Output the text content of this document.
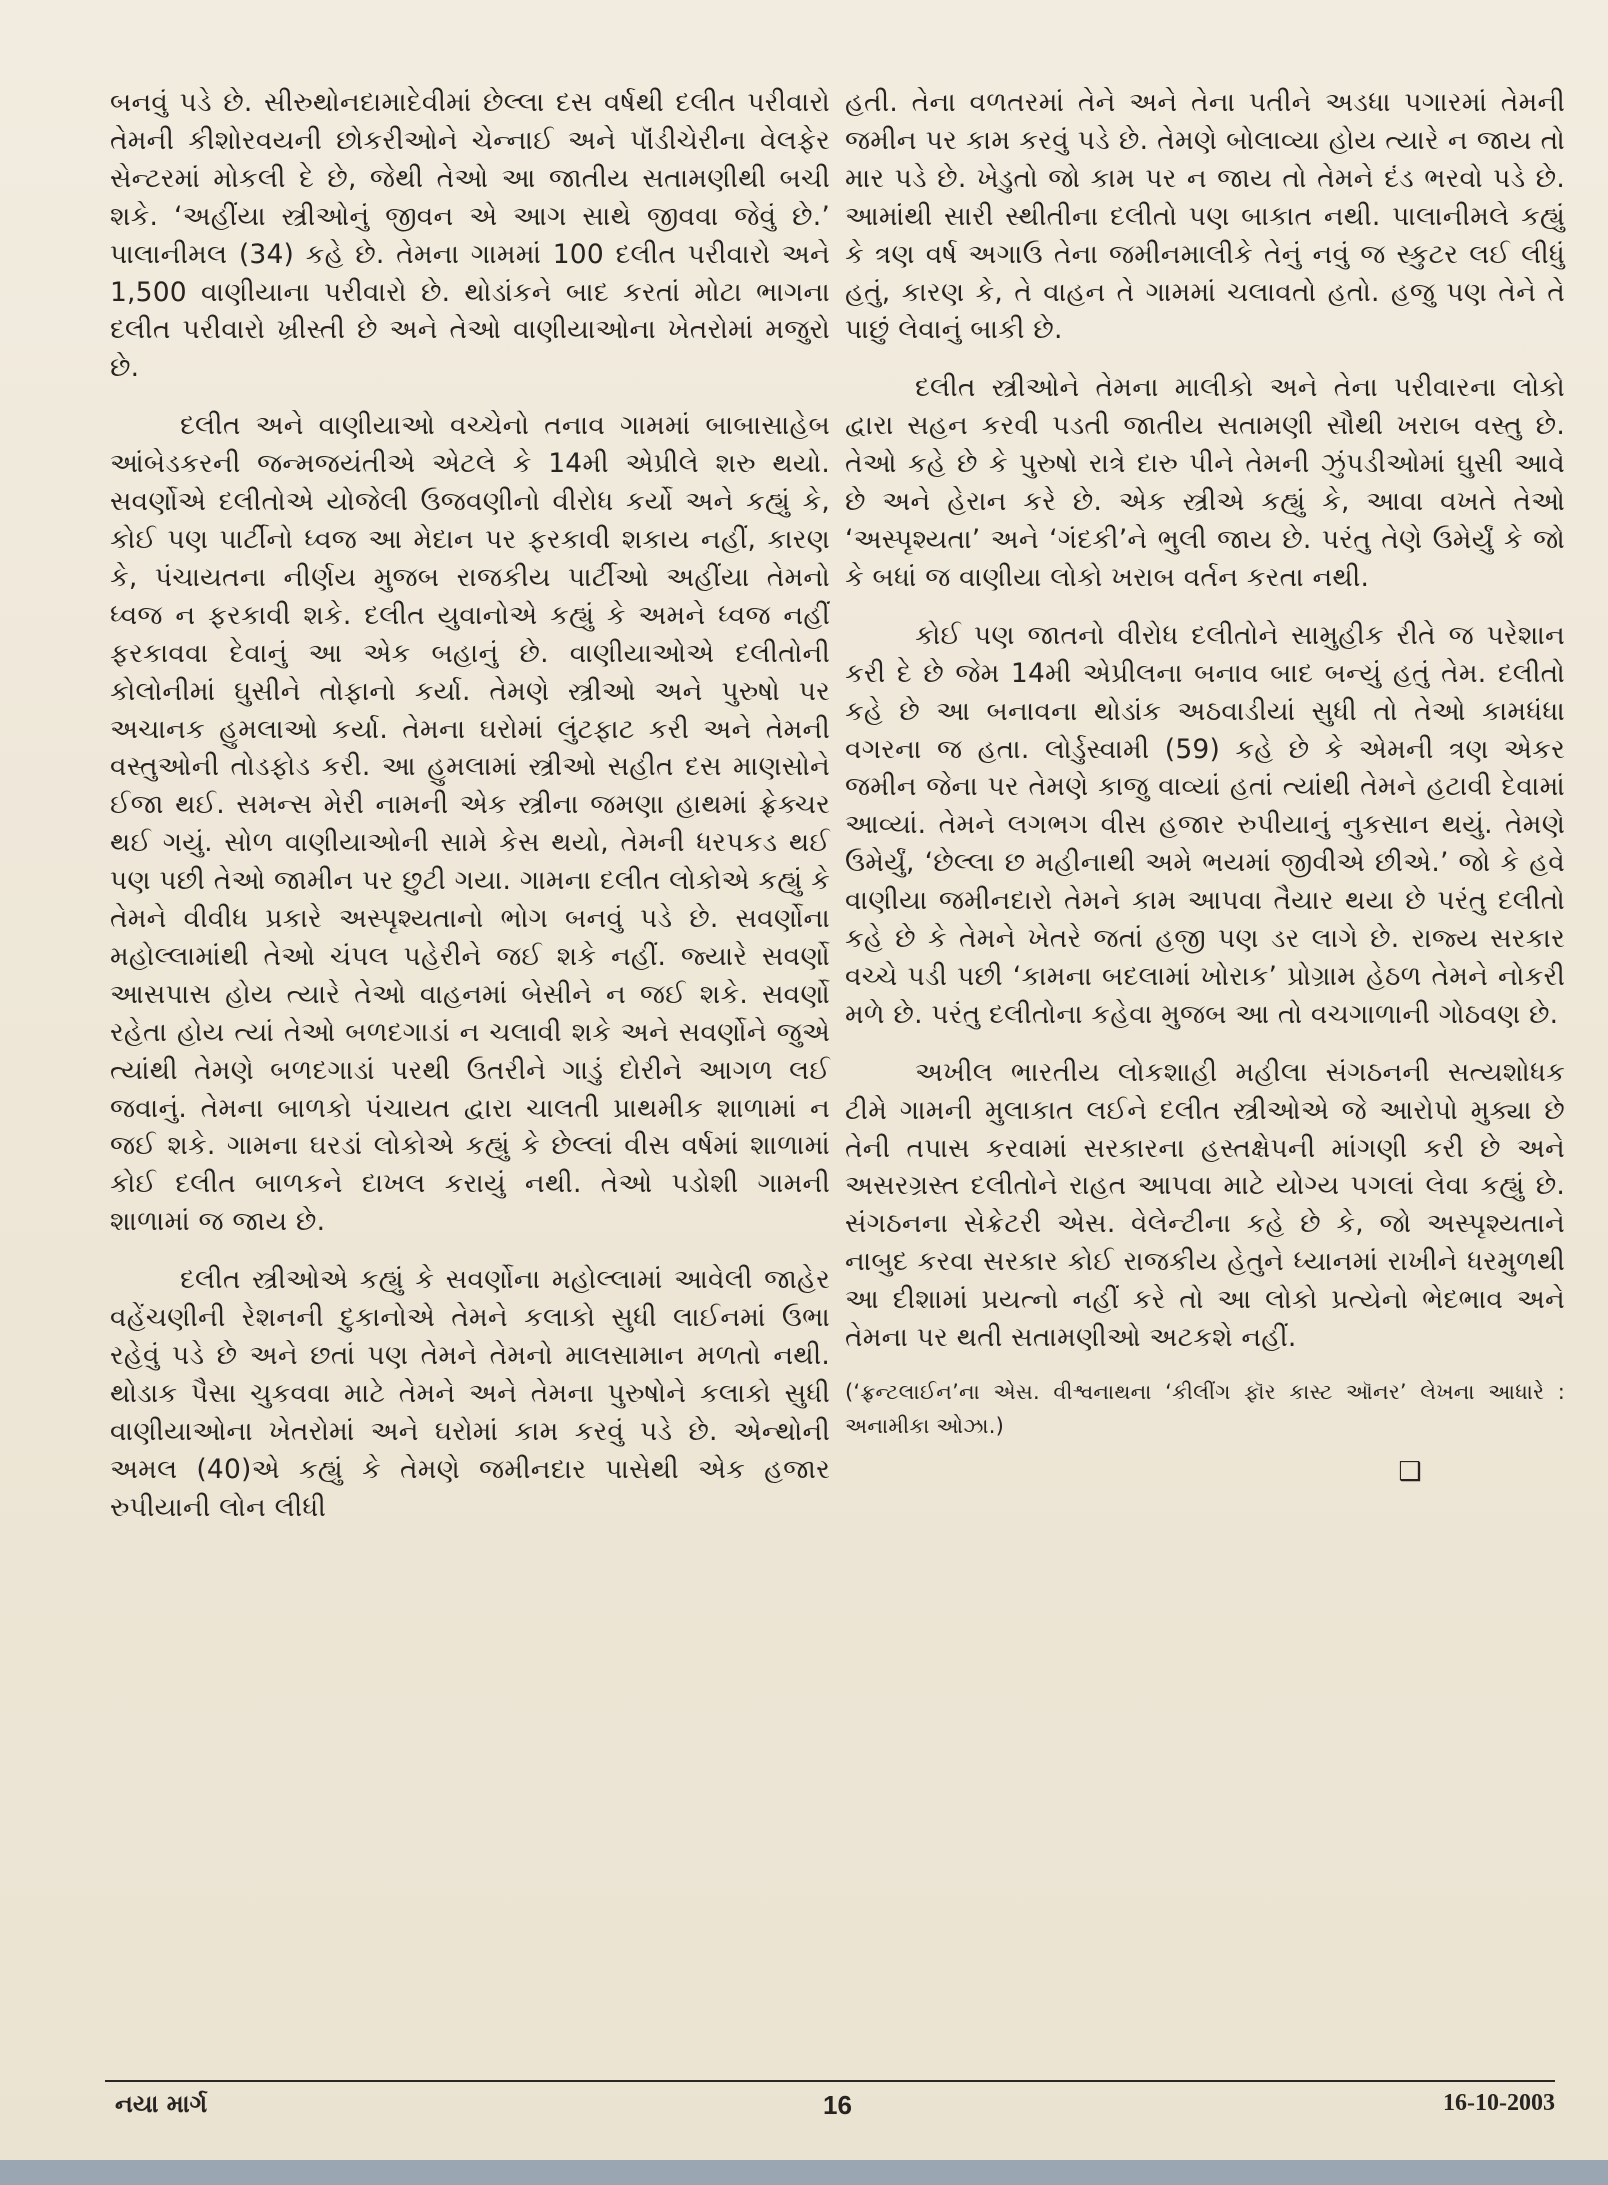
બનવું પડે છે. સીરુથોનદામાદેવીમાં છેલ્લા દસ વર્ષથી દલીત પરીવારો તેમની કીશોરવયની છોકરીઓને ચેન્નાઈ અને પૉંડીચેરીના વેલફેર સેન્ટરમાં મોકલી દે છે, જેથી તેઓ આ જાતીય સતામણીથી બચી શકે. ‘અહીંયા સ્ત્રીઓનું જીવન એ આગ સાથે જીવવા જેવું છે.’ પાલાનીમલ (34) કહે છે. તેમના ગામમાં 100 દલીત પરીવારો અને 1,500 વાણીયાના પરીવારો છે. થોડાંકને બાદ કરતાં મોટા ભાગના દલીત પરીવારો ખ્રીસ્તી છે અને તેઓ વાણીયાઓના ખેતરોમાં મજુરો છે.

દલીત અને વાણીયાઓ વચ્ચેનો તનાવ ગામમાં બાબાસાહેબ આંબેડકરની જન્મજયંતીએ એટલે કે 14મી એપ્રીલે શરુ થયો. સવર્ણોએ દલીતોએ યોજેલી ઉજવણીનો વીરોધ કર્યો અને કહ્યું કે, કોઈ પણ પાર્ટીનો ધ્વજ આ મેદાન પર ફરકાવી શકાય નહીં, કારણ કે, પંચાયતના નીર્ણય મુજબ રાજકીય પાર્ટીઓ અહીંયા તેમનો ધ્વજ ન ફરકાવી શકે. દલીત યુવાનોએ કહ્યું કે અમને ધ્વજ નહીં ફરકાવવા દેવાનું આ એક બહાનું છે. વાણીયાઓએ દલીતોની કોલોનીમાં ઘુસીને તોફાનો કર્યા. તેમણે સ્ત્રીઓ અને પુરુષો પર અચાનક હુમલાઓ કર્યા. તેમના ઘરોમાં લુંટફાટ કરી અને તેમની વસ્તુઓની તોડફોડ કરી. આ હુમલામાં સ્ત્રીઓ સહીત દસ માણસોને ઈજા થઈ. સમન્સ મેરી નામની એક સ્ત્રીના જમણા હાથમાં ફ્રેક્ચર થઈ ગયું. સોળ વાણીયાઓની સામે કેસ થયો, તેમની ધરપકડ થઈ પણ પછી તેઓ જામીન પર છુટી ગયા. ગામના દલીત લોકોએ કહ્યું કે તેમને વીવીધ પ્રકારે અસ્પૃશ્યતાનો ભોગ બનવું પડે છે. સવર્ણોના મહોલ્લામાંથી તેઓ ચંપલ પહેરીને જઈ શકે નહીં. જ્યારે સવર્ણો આસપાસ હોય ત્યારે તેઓ વાહનમાં બેસીને ન જઈ શકે. સવર્ણો રહેતા હોય ત્યાં તેઓ બળદગાડાં ન ચલાવી શકે અને સવર્ણોને જુએ ત્યાંથી તેમણે બળદગાડાં પરથી ઉતરીને ગાડું દોરીને આગળ લઈ જવાનું. તેમના બાળકો પંચાયત દ્વારા ચાલતી પ્રાથમીક શાળામાં ન જઈ શકે. ગામના ઘરડાં લોકોએ કહ્યું કે છેલ્લાં વીસ વર્ષમાં શાળામાં કોઈ દલીત બાળકને દાખલ કરાયું નથી. તેઓ પડોશી ગામની શાળામાં જ જાય છે.

દલીત સ્ત્રીઓએ કહ્યું કે સવર્ણોના મહોલ્લામાં આવેલી જાહેર વહેંચણીની રેશનની દુકાનોએ તેમને કલાકો સુધી લાઈનમાં ઉભા રહેવું પડે છે અને છતાં પણ તેમને તેમનો માલસામાન મળતો નથી. થોડાક પૈસા ચુકવવા માટે તેમને અને તેમના પુરુષોને કલાકો સુધી વાણીયાઓના ખેતરોમાં અને ઘરોમાં કામ કરવું પડે છે. એન્થોની અમલ (40)એ કહ્યું કે તેમણે જમીનદાર પાસેથી એક હજાર રુપીયાની લોન લીધી

હતી. તેના વળતરમાં તેને અને તેના પતીને અડધા પગારમાં તેમની જમીન પર કામ કરવું પડે છે. તેમણે બોલાવ્યા હોય ત્યારે ન જાય તો માર પડે છે. ખેડુતો જો કામ પર ન જાય તો તેમને દંડ ભરવો પડે છે. આમાંથી સારી સ્થીતીના દલીતો પણ બાકાત નથી. પાલાનીમલે કહ્યું કે ત્રણ વર્ષ અગાઉ તેના જમીનમાલીકે તેનું નવું જ સ્કુટર લઈ લીધું હતું, કારણ કે, તે વાહન તે ગામમાં ચલાવતો હતો. હજુ પણ તેને તે પાછું લેવાનું બાકી છે.

દલીત સ્ત્રીઓને તેમના માલીકો અને તેના પરીવારના લોકો દ્વારા સહન કરવી પડતી જાતીય સતામણી સૌથી ખરાબ વસ્તુ છે. તેઓ કહે છે કે પુરુષો રાત્રે દારુ પીને તેમની ઝુંપડીઓમાં ઘુસી આવે છે અને હેરાન કરે છે. એક સ્ત્રીએ કહ્યું કે, આવા વખતે તેઓ ‘અસ્પૃશ્યતા’ અને ‘ગંદકી’ને ભુલી જાય છે. પરંતુ તેણે ઉમેર્યું કે જો કે બધાં જ વાણીયા લોકો ખરાબ વર્તન કરતા નથી.

કોઈ પણ જાતનો વીરોધ દલીતોને સામુહીક રીતે જ પરેશાન કરી દે છે જેમ 14મી એપ્રીલના બનાવ બાદ બન્યું હતું તેમ. દલીતો કહે છે આ બનાવના થોડાંક અઠવાડીયાં સુધી તો તેઓ કામધંધા વગરના જ હતા. લોર્ડુસ્વામી (59) કહે છે કે એમની ત્રણ એકર જમીન જેના પર તેમણે કાજુ વાવ્યાં હતાં ત્યાંથી તેમને હટાવી દેવામાં આવ્યાં. તેમને લગભગ વીસ હજાર રુપીયાનું નુકસાન થયું. તેમણે ઉમેર્યું, ‘છેલ્લા છ મહીનાથી અમે ભયમાં જીવીએ છીએ.’ જો કે હવે વાણીયા જમીનદારો તેમને કામ આપવા તૈયાર થયા છે પરંતુ દલીતો કહે છે કે તેમને ખેતરે જતાં હજી પણ ડર લાગે છે. રાજ્ય સરકાર વચ્ચે પડી પછી ‘કામના બદલામાં ખોરાક’ પ્રોગ્રામ હેઠળ તેમને નોકરી મળે છે. પરંતુ દલીતોના કહેવા મુજબ આ તો વચગાળાની ગોઠવણ છે.

અખીલ ભારતીય લોકશાહી મહીલા સંગઠનની સત્યશોધક ટીમે ગામની મુલાકાત લઈને દલીત સ્ત્રીઓએ જે આરોપો મુક્યા છે તેની તપાસ કરવામાં સરકારના હસ્તક્ષેપની માંગણી કરી છે અને અસરગ્રસ્ત દલીતોને રાહત આપવા માટે યોગ્ય પગલાં લેવા કહ્યું છે. સંગઠનના સેક્રેટરી એસ. વેલેન્ટીના કહે છે કે, જો અસ્પૃશ્યતાને નાબુદ કરવા સરકાર કોઈ રાજકીય હેતુને ધ્યાનમાં રાખીને ધરમુળથી આ દીશામાં પ્રયત્નો નહીં કરે તો આ લોકો પ્રત્યેનો ભેદભાવ અને તેમના પર થતી સતામણીઓ અટકશે નહીં.

(‘ફ્રન્ટલાઈન’ના એસ. વીશ્વનાથના ‘કીલીંગ ફૉર કાસ્ટ ઑનર’ લેખના આધારે : અનામીકા ઓઝા.)

❑
નયા માર્ગ	16	16-10-2003
